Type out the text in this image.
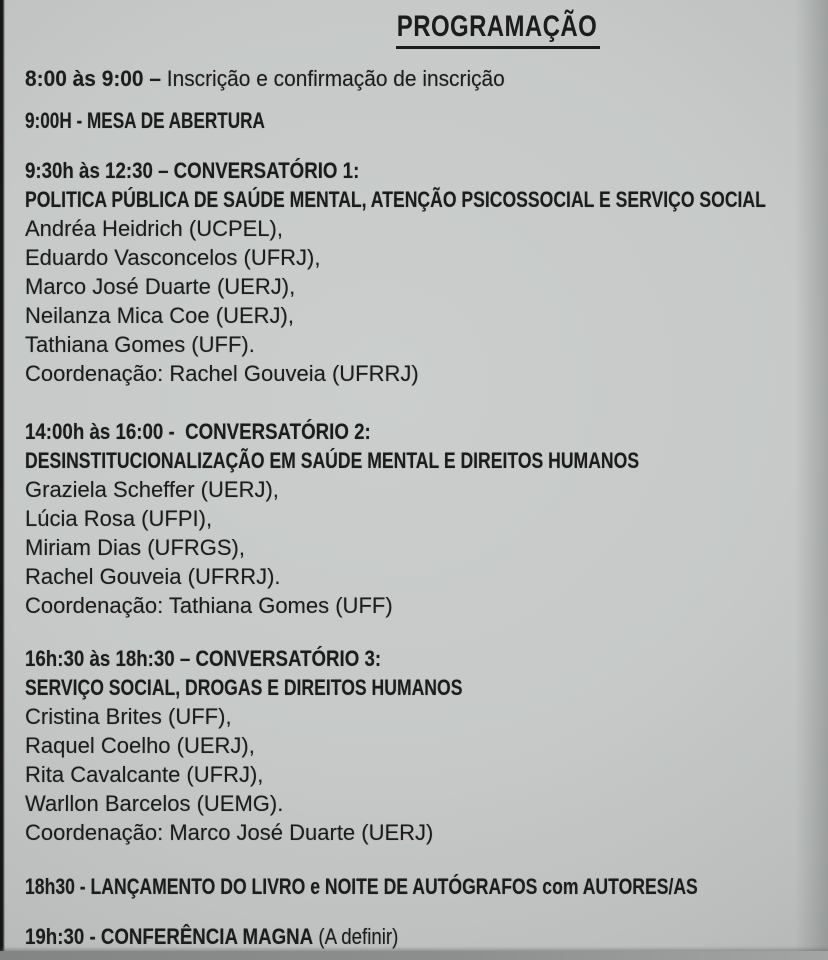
PROGRAMAÇÃO

8:00 às 9:00 – Inscrição e confirmação de inscrição

9:00H - MESA DE ABERTURA

9:30h às 12:30 – CONVERSATÓRIO 1:

POLITICA PÚBLICA DE SAÚDE MENTAL, ATENÇÃO PSICOSSOCIAL E SERVIÇO SOCIAL

Andréa Heidrich (UCPEL),

Eduardo Vasconcelos (UFRJ),

Marco José Duarte (UERJ),

Neilanza Mica Coe (UERJ),

Tathiana Gomes (UFF).

Coordenação: Rachel Gouveia (UFRRJ)

14:00h às 16:00 -  CONVERSATÓRIO 2:

DESINSTITUCIONALIZAÇÃO EM SAÚDE MENTAL E DIREITOS HUMANOS

Graziela Scheffer (UERJ),

Lúcia Rosa (UFPI),

Miriam Dias (UFRGS),

Rachel Gouveia (UFRRJ).

Coordenação: Tathiana Gomes (UFF)

16h:30 às 18h:30 – CONVERSATÓRIO 3:

SERVIÇO SOCIAL, DROGAS E DIREITOS HUMANOS

Cristina Brites (UFF),

Raquel Coelho (UERJ),

Rita Cavalcante (UFRJ),

Warllon Barcelos (UEMG).

Coordenação: Marco José Duarte (UERJ)

18h30 - LANÇAMENTO DO LIVRO e NOITE DE AUTÓGRAFOS com AUTORES/AS

19h:30 - CONFERÊNCIA MAGNA (A definir)
